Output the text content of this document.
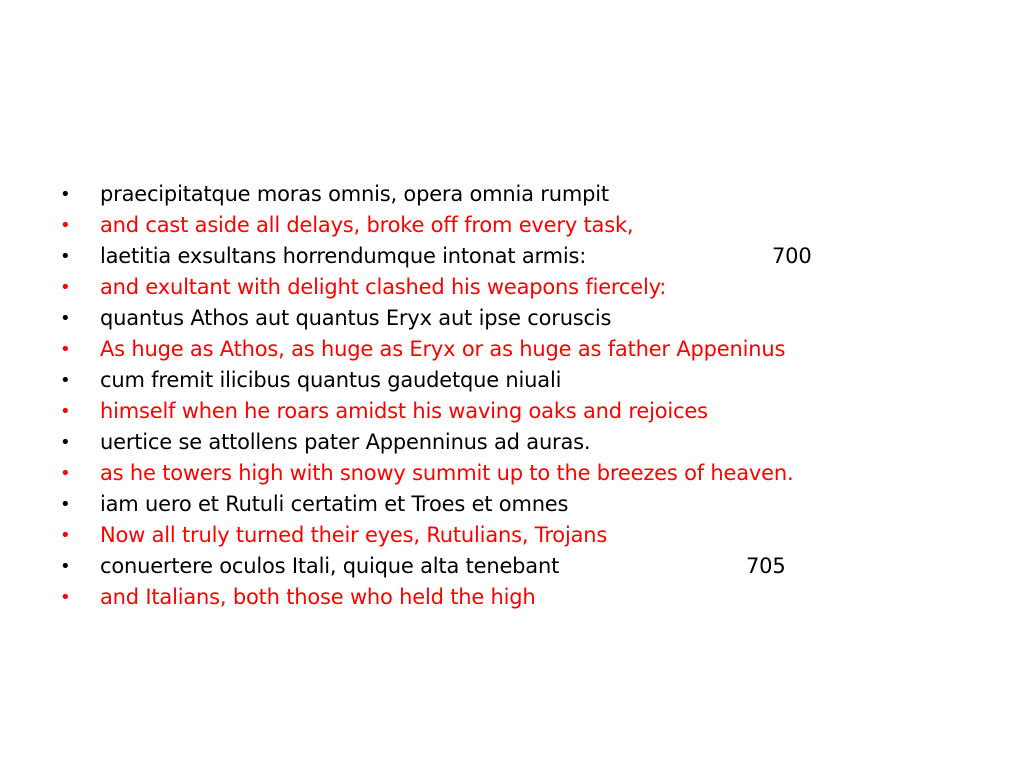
•	praecipitatque moras omnis, opera omnia rumpit
•	and cast aside all delays, broke off from every task,
•	laetitia exsultans horrendumque intonat armis:	700
•	and exultant with delight clashed his weapons fiercely:
•	quantus Athos aut quantus Eryx aut ipse coruscis
•	As huge as Athos, as huge as Eryx or as huge as father Appeninus
•	cum fremit ilicibus quantus gaudetque niuali
•	himself when he roars amidst his waving oaks and rejoices
•	uertice se attollens pater Appenninus ad auras.
•	as he towers high with snowy summit up to the breezes of heaven.
•	iam uero et Rutuli certatim et Troes et omnes
•	Now all truly turned their eyes, Rutulians, Trojans
•	conuertere oculos Itali, quique alta tenebant	705
•	and Italians, both those who held the high
